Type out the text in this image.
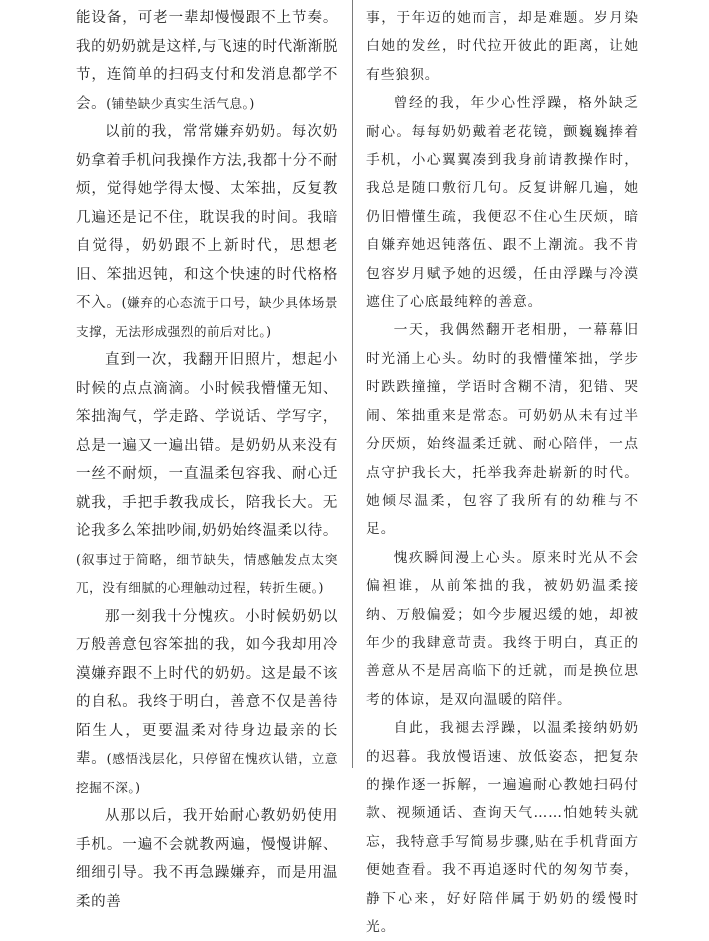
能设备，可老一辈却慢慢跟不上节奏。我的奶奶就是这样,与飞速的时代渐渐脱节，连简单的扫码支付和发消息都学不会。(铺垫缺少真实生活气息。)

以前的我，常常嫌弃奶奶。每次奶奶拿着手机问我操作方法,我都十分不耐烦，觉得她学得太慢、太笨拙，反复教几遍还是记不住，耽误我的时间。我暗自觉得，奶奶跟不上新时代，思想老旧、笨拙迟钝，和这个快速的时代格格不入。(嫌弃的心态流于口号，缺少具体场景支撑，无法形成强烈的前后对比。)

直到一次，我翻开旧照片，想起小时候的点点滴滴。小时候我懵懂无知、笨拙淘气，学走路、学说话、学写字，总是一遍又一遍出错。是奶奶从来没有一丝不耐烦，一直温柔包容我、耐心迁就我，手把手教我成长，陪我长大。无论我多么笨拙吵闹,奶奶始终温柔以待。(叙事过于简略，细节缺失，情感触发点太突兀，没有细腻的心理触动过程，转折生硬。)

那一刻我十分愧疚。小时候奶奶以万般善意包容笨拙的我，如今我却用冷漠嫌弃跟不上时代的奶奶。这是最不该的自私。我终于明白，善意不仅是善待陌生人，更要温柔对待身边最亲的长辈。(感悟浅层化，只停留在愧疚认错，立意挖掘不深。)

从那以后，我开始耐心教奶奶使用手机。一遍不会就教两遍，慢慢讲解、细细引导。我不再急躁嫌弃，而是用温柔的善

事，于年迈的她而言，却是难题。岁月染白她的发丝，时代拉开彼此的距离，让她有些狼狈。

曾经的我，年少心性浮躁，格外缺乏耐心。每每奶奶戴着老花镜，颤巍巍捧着手机，小心翼翼凑到我身前请教操作时，我总是随口敷衍几句。反复讲解几遍，她仍旧懵懂生疏，我便忍不住心生厌烦，暗自嫌弃她迟钝落伍、跟不上潮流。我不肯包容岁月赋予她的迟缓，任由浮躁与冷漠遮住了心底最纯粹的善意。

一天，我偶然翻开老相册，一幕幕旧时光涌上心头。幼时的我懵懂笨拙，学步时跌跌撞撞，学语时含糊不清，犯错、哭闹、笨拙重来是常态。可奶奶从未有过半分厌烦，始终温柔迁就、耐心陪伴，一点点守护我长大，托举我奔赴崭新的时代。她倾尽温柔，包容了我所有的幼稚与不足。

愧疚瞬间漫上心头。原来时光从不会偏袒谁，从前笨拙的我，被奶奶温柔接纳、万般偏爱；如今步履迟缓的她，却被年少的我肆意苛责。我终于明白，真正的善意从不是居高临下的迁就，而是换位思考的体谅，是双向温暖的陪伴。

自此，我褪去浮躁，以温柔接纳奶奶的迟暮。我放慢语速、放低姿态，把复杂的操作逐一拆解，一遍遍耐心教她扫码付款、视频通话、查询天气……怕她转头就忘，我特意手写简易步骤,贴在手机背面方便她查看。我不再追逐时代的匆匆节奏，静下心来，好好陪伴属于奶奶的缓慢时光。
